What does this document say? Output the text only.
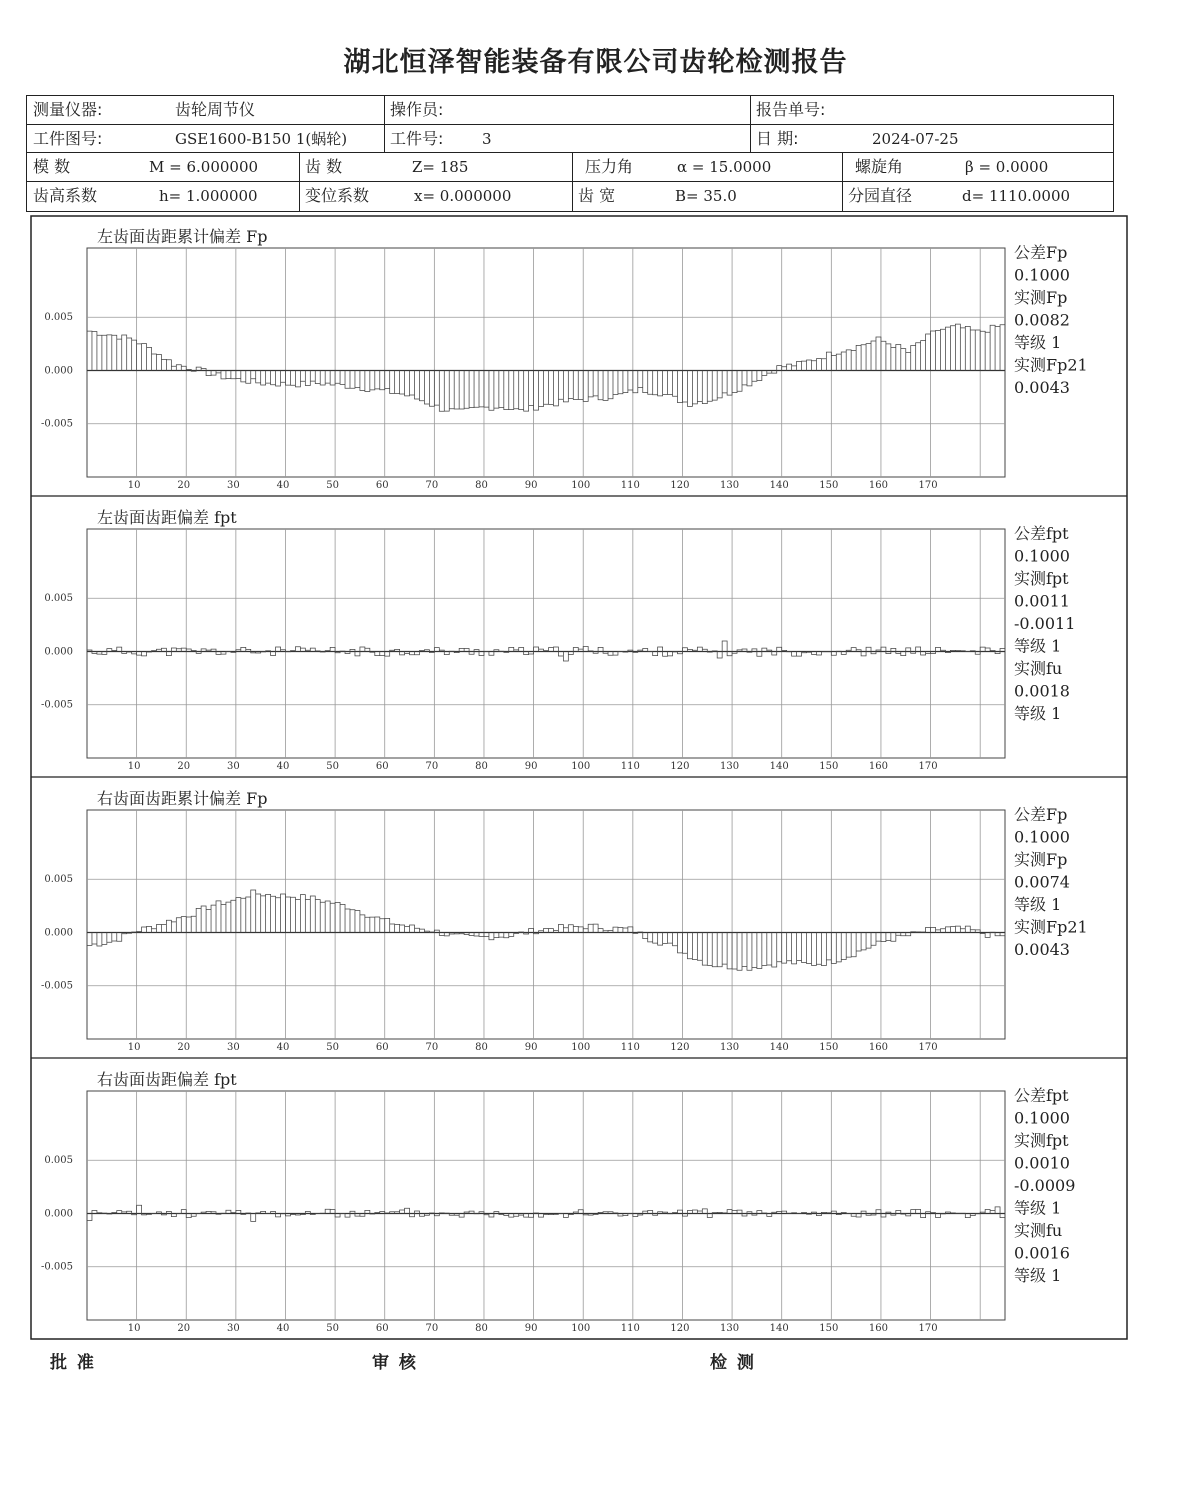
湖北恒泽智能装备有限公司齿轮检测报告
测量仪器:	齿轮周节仪	操作员:	报告单号:
工件图号:	GSE1600-B150 1(蜗轮)	工件号:	3	日 期:	2024-07-25
模 数	M = 6.000000	齿 数	Z= 185	压力角	α = 15.0000	螺旋角	β = 0.0000
齿高系数	h= 1.000000	变位系数	x= 0.000000	齿 宽	B= 35.0	分园直径	d= 1110.0000
左齿面齿距累计偏差 Fp
0.005
0.000
-0.005
10	20	30	40	50	60	70	80	90	100	110	120	130	140	150	160	170
公差Fp
0.1000
实测Fp
0.0082
等级 1
实测Fp21
0.0043
左齿面齿距偏差 fpt
0.005
0.000
-0.005
10	20	30	40	50	60	70	80	90	100	110	120	130	140	150	160	170
公差fpt
0.1000
实测fpt
0.0011
-0.0011
等级 1
实测fu
0.0018
等级 1
右齿面齿距累计偏差 Fp
0.005
0.000
-0.005
10	20	30	40	50	60	70	80	90	100	110	120	130	140	150	160	170
公差Fp
0.1000
实测Fp
0.0074
等级 1
实测Fp21
0.0043
右齿面齿距偏差 fpt
0.005
0.000
-0.005
10	20	30	40	50	60	70	80	90	100	110	120	130	140	150	160	170
公差fpt
0.1000
实测fpt
0.0010
-0.0009
等级 1
实测fu
0.0016
等级 1
批 准	审 核	检 测
